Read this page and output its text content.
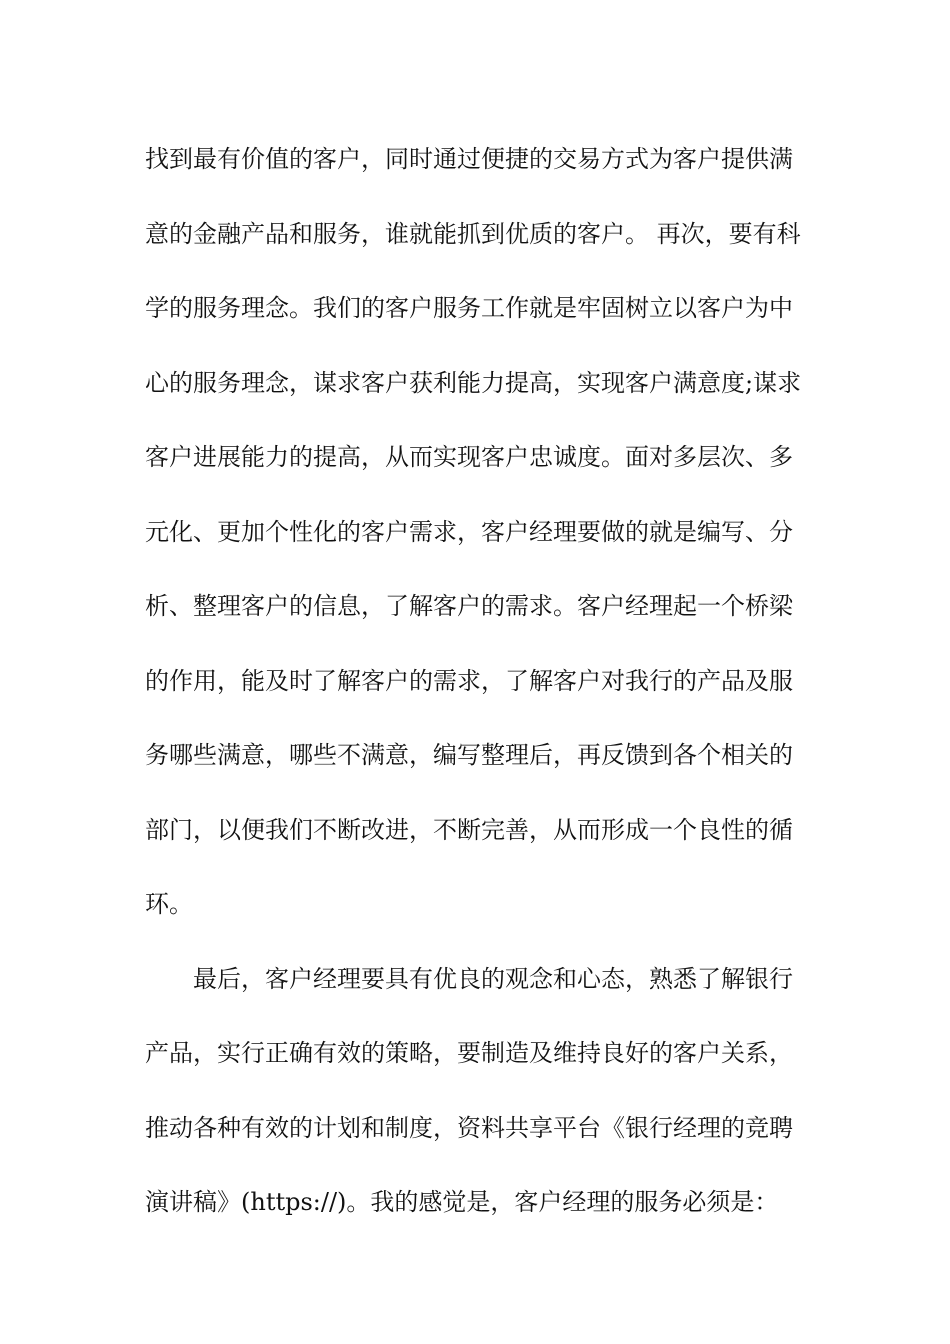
找到最有价值的客户，同时通过便捷的交易方式为客户提供满
意的金融产品和服务，谁就能抓到优质的客户。 再次，要有科
学的服务理念。我们的客户服务工作就是牢固树立以客户为中
心的服务理念，谋求客户获利能力提高，实现客户满意度;谋求
客户进展能力的提高，从而实现客户忠诚度。面对多层次、多
元化、更加个性化的客户需求，客户经理要做的就是编写、分
析、整理客户的信息，了解客户的需求。客户经理起一个桥梁
的作用，能及时了解客户的需求，了解客户对我行的产品及服
务哪些满意，哪些不满意，编写整理后，再反馈到各个相关的
部门，以便我们不断改进，不断完善，从而形成一个良性的循
环。
最后，客户经理要具有优良的观念和心态，熟悉了解银行
产品，实行正确有效的策略，要制造及维持良好的客户关系，
推动各种有效的计划和制度，资料共享平台《银行经理的竞聘
演讲稿》(https://)。我的感觉是，客户经理的服务必须是：
